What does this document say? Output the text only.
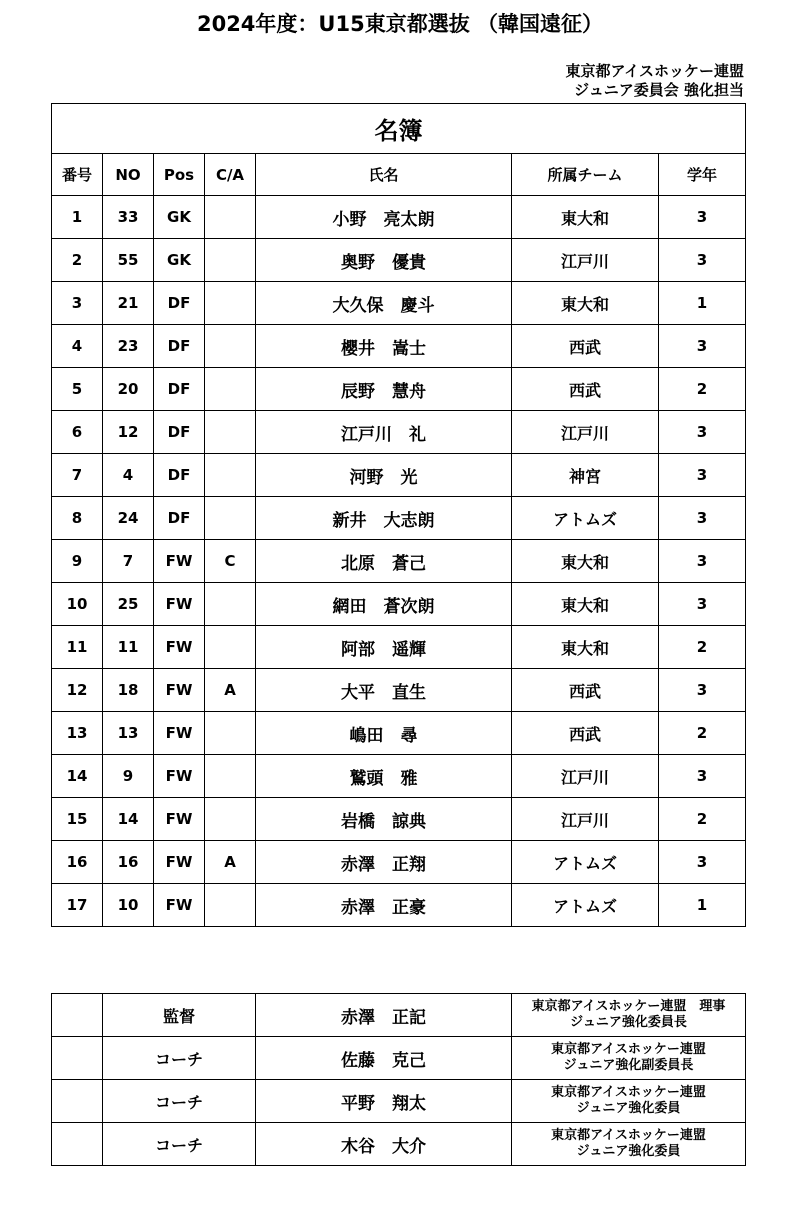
2024年度：U15東京都選抜 （韓国遠征）
東京都アイスホッケー連盟
ジュニア委員会 強化担当
名簿						
番号	NO	Pos	C/A	氏名	所属チーム	学年
1	33	GK		小野　亮太朗	東大和	3
2	55	GK		奥野　優貴	江戸川	3
3	21	DF		大久保　慶斗	東大和	1
4	23	DF		櫻井　嵩士	西武	3
5	20	DF		辰野　慧舟	西武	2
6	12	DF		江戸川　礼	江戸川	3
7	4	DF		河野　光	神宮	3
8	24	DF		新井　大志朗	アトムズ	3
9	7	FW	C	北原　蒼己	東大和	3
10	25	FW		網田　蒼次朗	東大和	3
11	11	FW		阿部　遥輝	東大和	2
12	18	FW	A	大平　直生	西武	3
13	13	FW		嶋田　尋	西武	2
14	9	FW		鷲頭　雅	江戸川	3
15	14	FW		岩橋　諒典	江戸川	2
16	16	FW	A	赤澤　正翔	アトムズ	3
17	10	FW		赤澤　正豪	アトムズ	1
	監督	赤澤　正記	東京都アイスホッケー連盟　理事
ジュニア強化委員長

	コーチ	佐藤　克己	東京都アイスホッケー連盟
ジュニア強化副委員長

	コーチ	平野　翔太	東京都アイスホッケー連盟
ジュニア強化委員

	コーチ	木谷　大介	東京都アイスホッケー連盟
ジュニア強化委員
